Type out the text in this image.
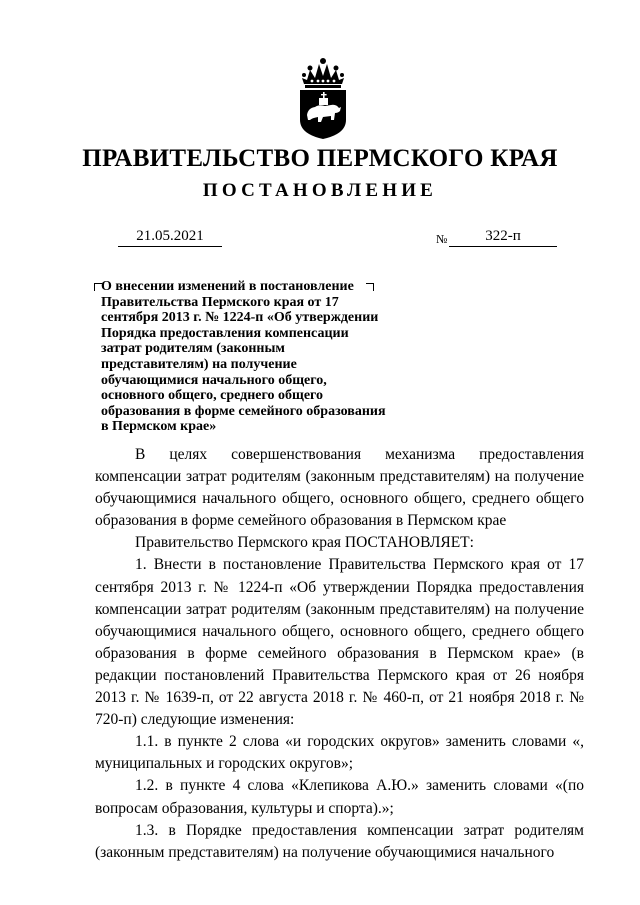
ПРАВИТЕЛЬСТВО ПЕРМСКОГО КРАЯ
ПОСТАНОВЛЕНИЕ
21.05.2021	№	322-п
О внесении изменений в постановление Правительства Пермского края от 17 сентября 2013 г. № 1224-п «Об утверждении Порядка предоставления компенсации затрат родителям (законным представителям) на получение обучающимися начального общего, основного общего, среднего общего образования в форме семейного образования в Пермском крае»

В целях совершенствования механизма предоставления компенсации затрат родителям (законным представителям) на получение обучающимися начального общего, основного общего, среднего общего образования в форме семейного образования в Пермском крае

Правительство Пермского края ПОСТАНОВЛЯЕТ:

1. Внести в постановление Правительства Пермского края от 17 сентября 2013 г. № 1224-п «Об утверждении Порядка предоставления компенсации затрат родителям (законным представителям) на получение обучающимися начального общего, основного общего, среднего общего образования в форме семейного образования в Пермском крае» (в редакции постановлений Правительства Пермского края от 26 ноября 2013 г. № 1639-п, от 22 августа 2018 г. № 460-п, от 21 ноября 2018 г. № 720-п) следующие изменения:

1.1. в пункте 2 слова «и городских округов» заменить словами «, муниципальных и городских округов»;

1.2. в пункте 4 слова «Клепикова А.Ю.» заменить словами «(по вопросам образования, культуры и спорта).»;

1.3. в Порядке предоставления компенсации затрат родителям (законным представителям) на получение обучающимися начального
